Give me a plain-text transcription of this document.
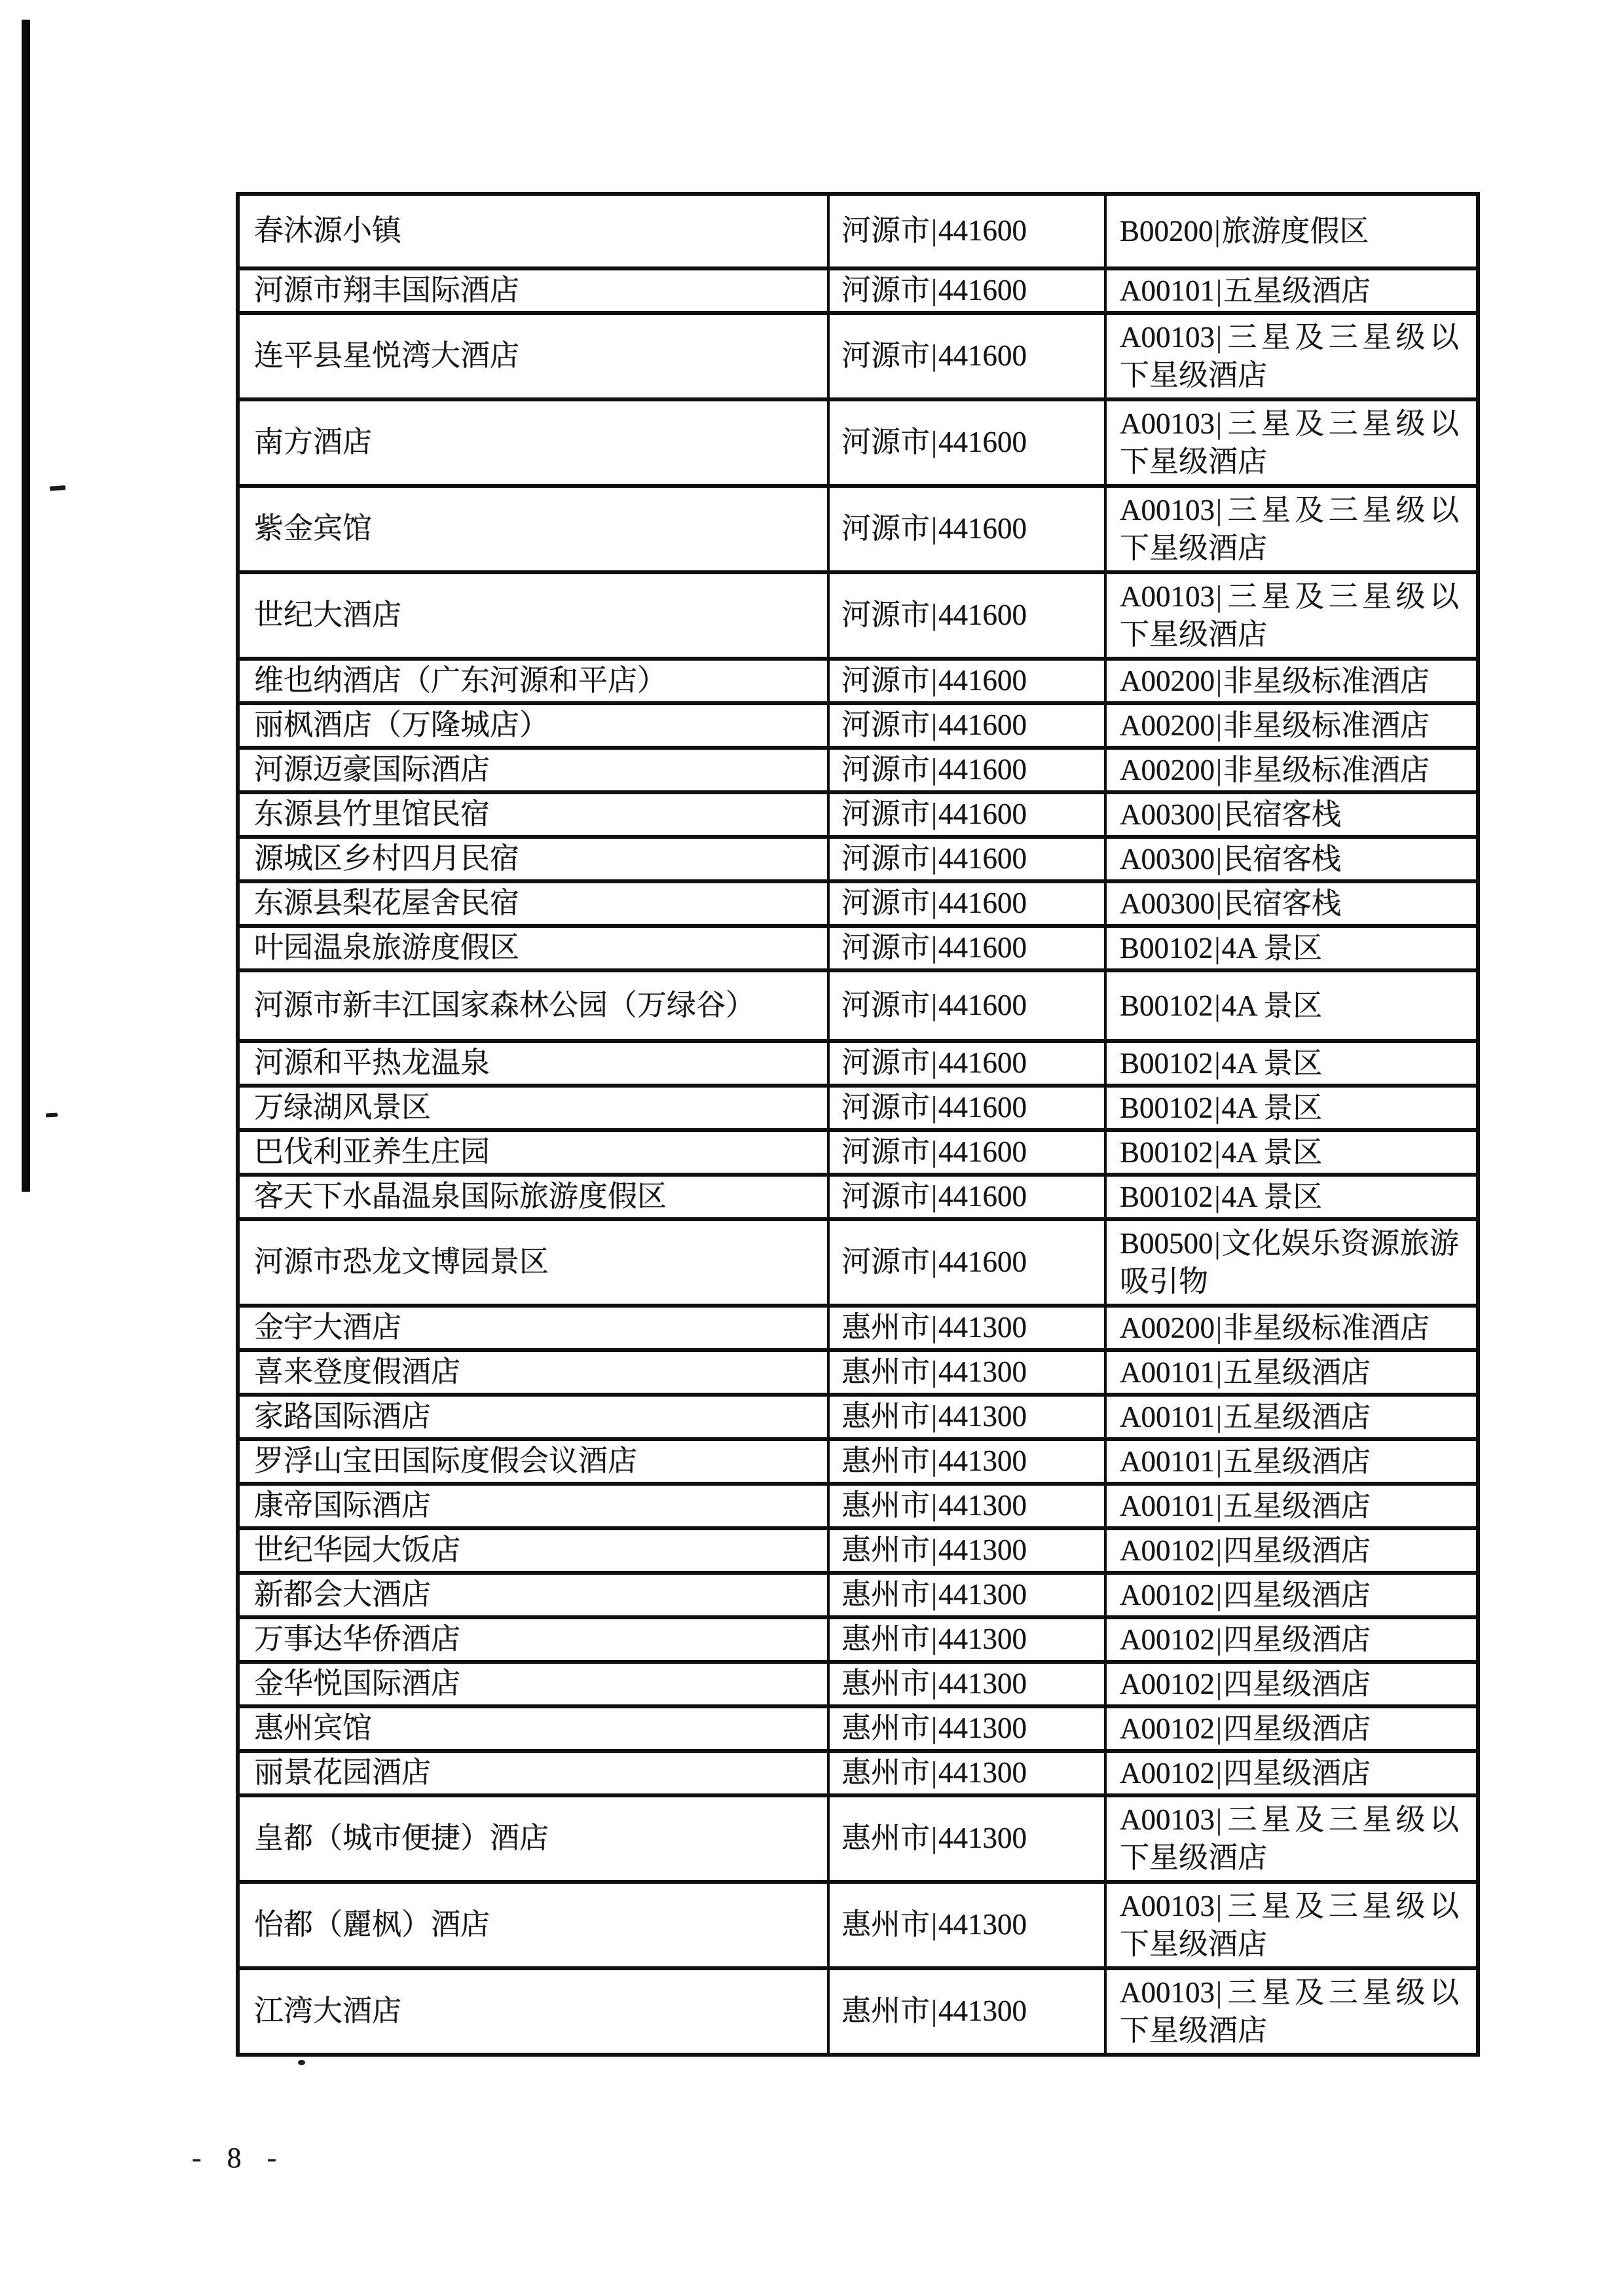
春沐源小镇	河源市|441600	B00200|旅游度假区

河源市翔丰国际酒店	河源市|441600	A00101|五星级酒店

连平县星悦湾大酒店	河源市|441600	A00103|三星及三星级以下星级酒店

南方酒店	河源市|441600	A00103|三星及三星级以下星级酒店

紫金宾馆	河源市|441600	A00103|三星及三星级以下星级酒店

世纪大酒店	河源市|441600	A00103|三星及三星级以下星级酒店

维也纳酒店（广东河源和平店）	河源市|441600	A00200|非星级标准酒店

丽枫酒店（万隆城店）	河源市|441600	A00200|非星级标准酒店

河源迈豪国际酒店	河源市|441600	A00200|非星级标准酒店

东源县竹里馆民宿	河源市|441600	A00300|民宿客栈

源城区乡村四月民宿	河源市|441600	A00300|民宿客栈

东源县梨花屋舍民宿	河源市|441600	A00300|民宿客栈

叶园温泉旅游度假区	河源市|441600	B00102|4A 景区

河源市新丰江国家森林公园（万绿谷）	河源市|441600	B00102|4A 景区

河源和平热龙温泉	河源市|441600	B00102|4A 景区

万绿湖风景区	河源市|441600	B00102|4A 景区

巴伐利亚养生庄园	河源市|441600	B00102|4A 景区

客天下水晶温泉国际旅游度假区	河源市|441600	B00102|4A 景区

河源市恐龙文博园景区	河源市|441600	B00500|文化娱乐资源旅游吸引物

金宇大酒店	惠州市|441300	A00200|非星级标准酒店

喜来登度假酒店	惠州市|441300	A00101|五星级酒店

家路国际酒店	惠州市|441300	A00101|五星级酒店

罗浮山宝田国际度假会议酒店	惠州市|441300	A00101|五星级酒店

康帝国际酒店	惠州市|441300	A00101|五星级酒店

世纪华园大饭店	惠州市|441300	A00102|四星级酒店

新都会大酒店	惠州市|441300	A00102|四星级酒店

万事达华侨酒店	惠州市|441300	A00102|四星级酒店

金华悦国际酒店	惠州市|441300	A00102|四星级酒店

惠州宾馆	惠州市|441300	A00102|四星级酒店

丽景花园酒店	惠州市|441300	A00102|四星级酒店

皇都（城市便捷）酒店	惠州市|441300	A00103|三星及三星级以下星级酒店

怡都（麗枫）酒店	惠州市|441300	A00103|三星及三星级以下星级酒店

江湾大酒店	惠州市|441300	A00103|三星及三星级以下星级酒店
- 8 -
